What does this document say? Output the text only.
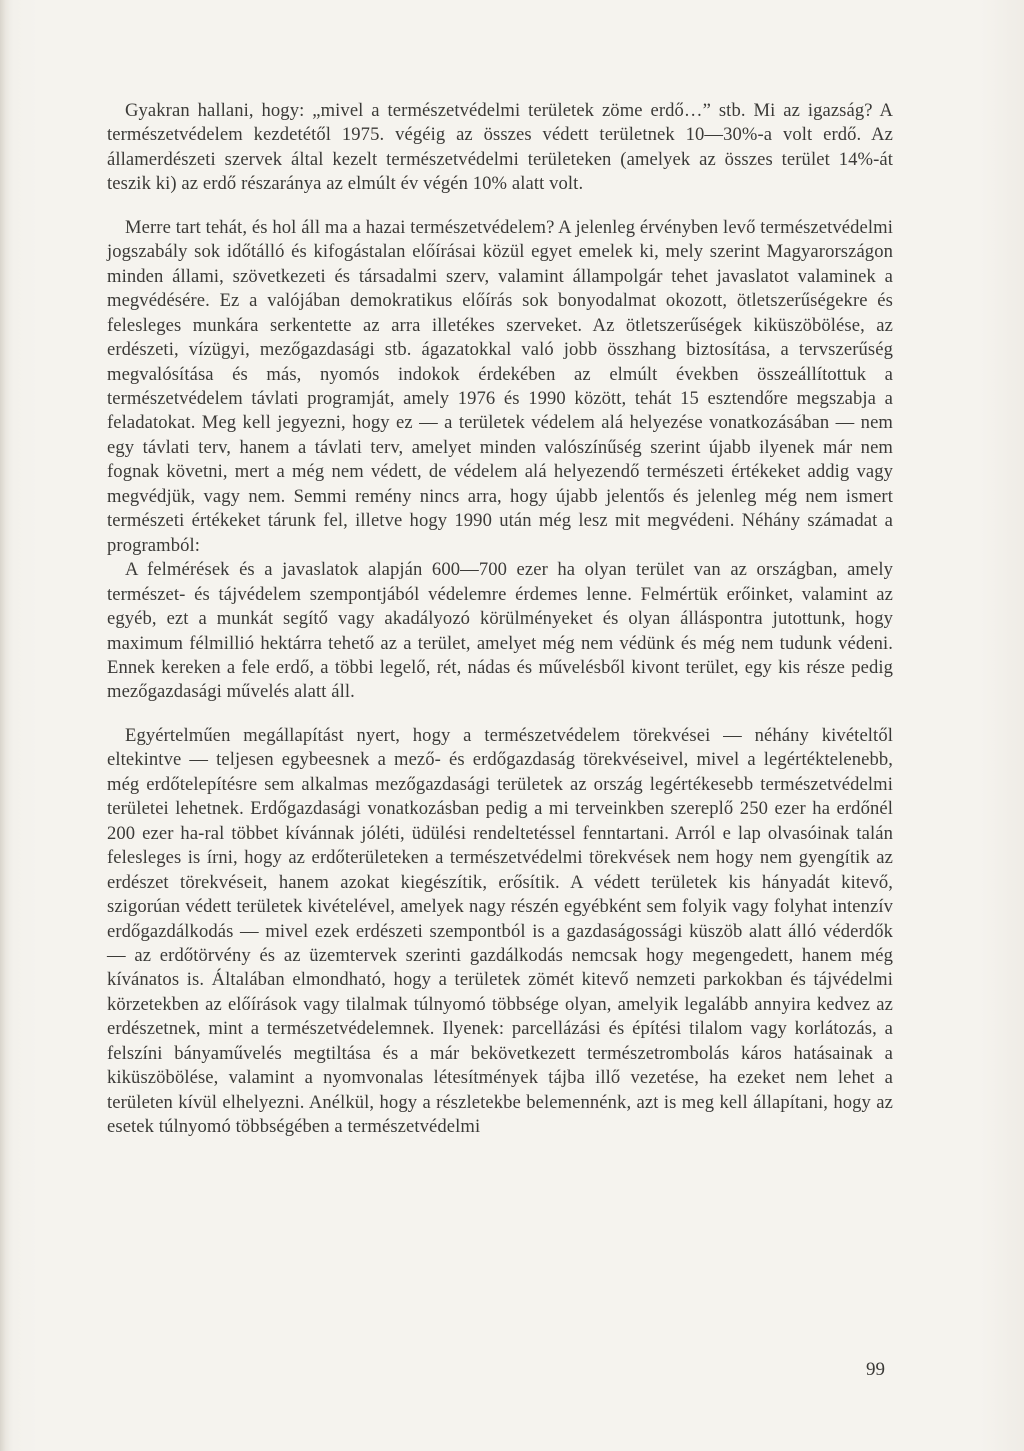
Gyakran hallani, hogy: „mivel a természetvédelmi területek zöme erdő…” stb. Mi az igazság? A természetvédelem kezdetétől 1975. végéig az összes védett területnek 10—30%-a volt erdő. Az államerdészeti szervek által kezelt természetvédelmi területeken (amelyek az összes terület 14%-át teszik ki) az erdő részaránya az elmúlt év végén 10% alatt volt.

Merre tart tehát, és hol áll ma a hazai természetvédelem? A jelenleg érvényben levő természetvédelmi jogszabály sok időtálló és kifogástalan előírásai közül egyet emelek ki, mely szerint Magyarországon minden állami, szövetkezeti és társadalmi szerv, valamint állampolgár tehet javaslatot valaminek a megvédésére. Ez a valójában demokratikus előírás sok bonyodalmat okozott, ötletszerűségekre és felesleges munkára serkentette az arra illetékes szerveket. Az ötletszerűségek kiküszöbölése, az erdészeti, vízügyi, mezőgazdasági stb. ágazatokkal való jobb összhang biztosítása, a tervszerűség megvalósítása és más, nyomós indokok érdekében az elmúlt években összeállítottuk a természetvédelem távlati programját, amely 1976 és 1990 között, tehát 15 esztendőre megszabja a feladatokat. Meg kell jegyezni, hogy ez — a területek védelem alá helyezése vonatkozásában — nem egy távlati terv, hanem a távlati terv, amelyet minden valószínűség szerint újabb ilyenek már nem fognak követni, mert a még nem védett, de védelem alá helyezendő természeti értékeket addig vagy megvédjük, vagy nem. Semmi remény nincs arra, hogy újabb jelentős és jelenleg még nem ismert természeti értékeket tárunk fel, illetve hogy 1990 után még lesz mit megvédeni. Néhány számadat a programból:

A felmérések és a javaslatok alapján 600—700 ezer ha olyan terület van az országban, amely természet- és tájvédelem szempontjából védelemre érdemes lenne. Felmértük erőinket, valamint az egyéb, ezt a munkát segítő vagy akadályozó körülményeket és olyan álláspontra jutottunk, hogy maximum félmillió hektárra tehető az a terület, amelyet még nem védünk és még nem tudunk védeni. Ennek kereken a fele erdő, a többi legelő, rét, nádas és művelésből kivont terület, egy kis része pedig mezőgazdasági művelés alatt áll.

Egyértelműen megállapítást nyert, hogy a természetvédelem törekvései — néhány kivételtől eltekintve — teljesen egybeesnek a mező- és erdőgazdaság törekvéseivel, mivel a legértéktelenebb, még erdőtelepítésre sem alkalmas mezőgazdasági területek az ország legértékesebb természetvédelmi területei lehetnek. Erdőgazdasági vonatkozásban pedig a mi terveinkben szereplő 250 ezer ha erdőnél 200 ezer ha-ral többet kívánnak jóléti, üdülési rendeltetéssel fenntartani. Arról e lap olvasóinak talán felesleges is írni, hogy az erdőterületeken a természetvédelmi törekvések nem hogy nem gyengítik az erdészet törekvéseit, hanem azokat kiegészítik, erősítik. A védett területek kis hányadát kitevő, szigorúan védett területek kivételével, amelyek nagy részén egyébként sem folyik vagy folyhat intenzív erdőgazdálkodás — mivel ezek erdészeti szempontból is a gazdaságossági küszöb alatt álló véderdők — az erdőtörvény és az üzemtervek szerinti gazdálkodás nemcsak hogy megengedett, hanem még kívánatos is. Általában elmondható, hogy a területek zömét kitevő nemzeti parkokban és tájvédelmi körzetekben az előírások vagy tilalmak túlnyomó többsége olyan, amelyik legalább annyira kedvez az erdészetnek, mint a természetvédelemnek. Ilyenek: parcellázási és építési tilalom vagy korlátozás, a felszíni bányaművelés megtiltása és a már bekövetkezett természetrombolás káros hatásainak a kiküszöbölése, valamint a nyomvonalas létesítmények tájba illő vezetése, ha ezeket nem lehet a területen kívül elhelyezni. Anélkül, hogy a részletekbe belemennénk, azt is meg kell állapítani, hogy az esetek túlnyomó többségében a természetvédelmi

99
